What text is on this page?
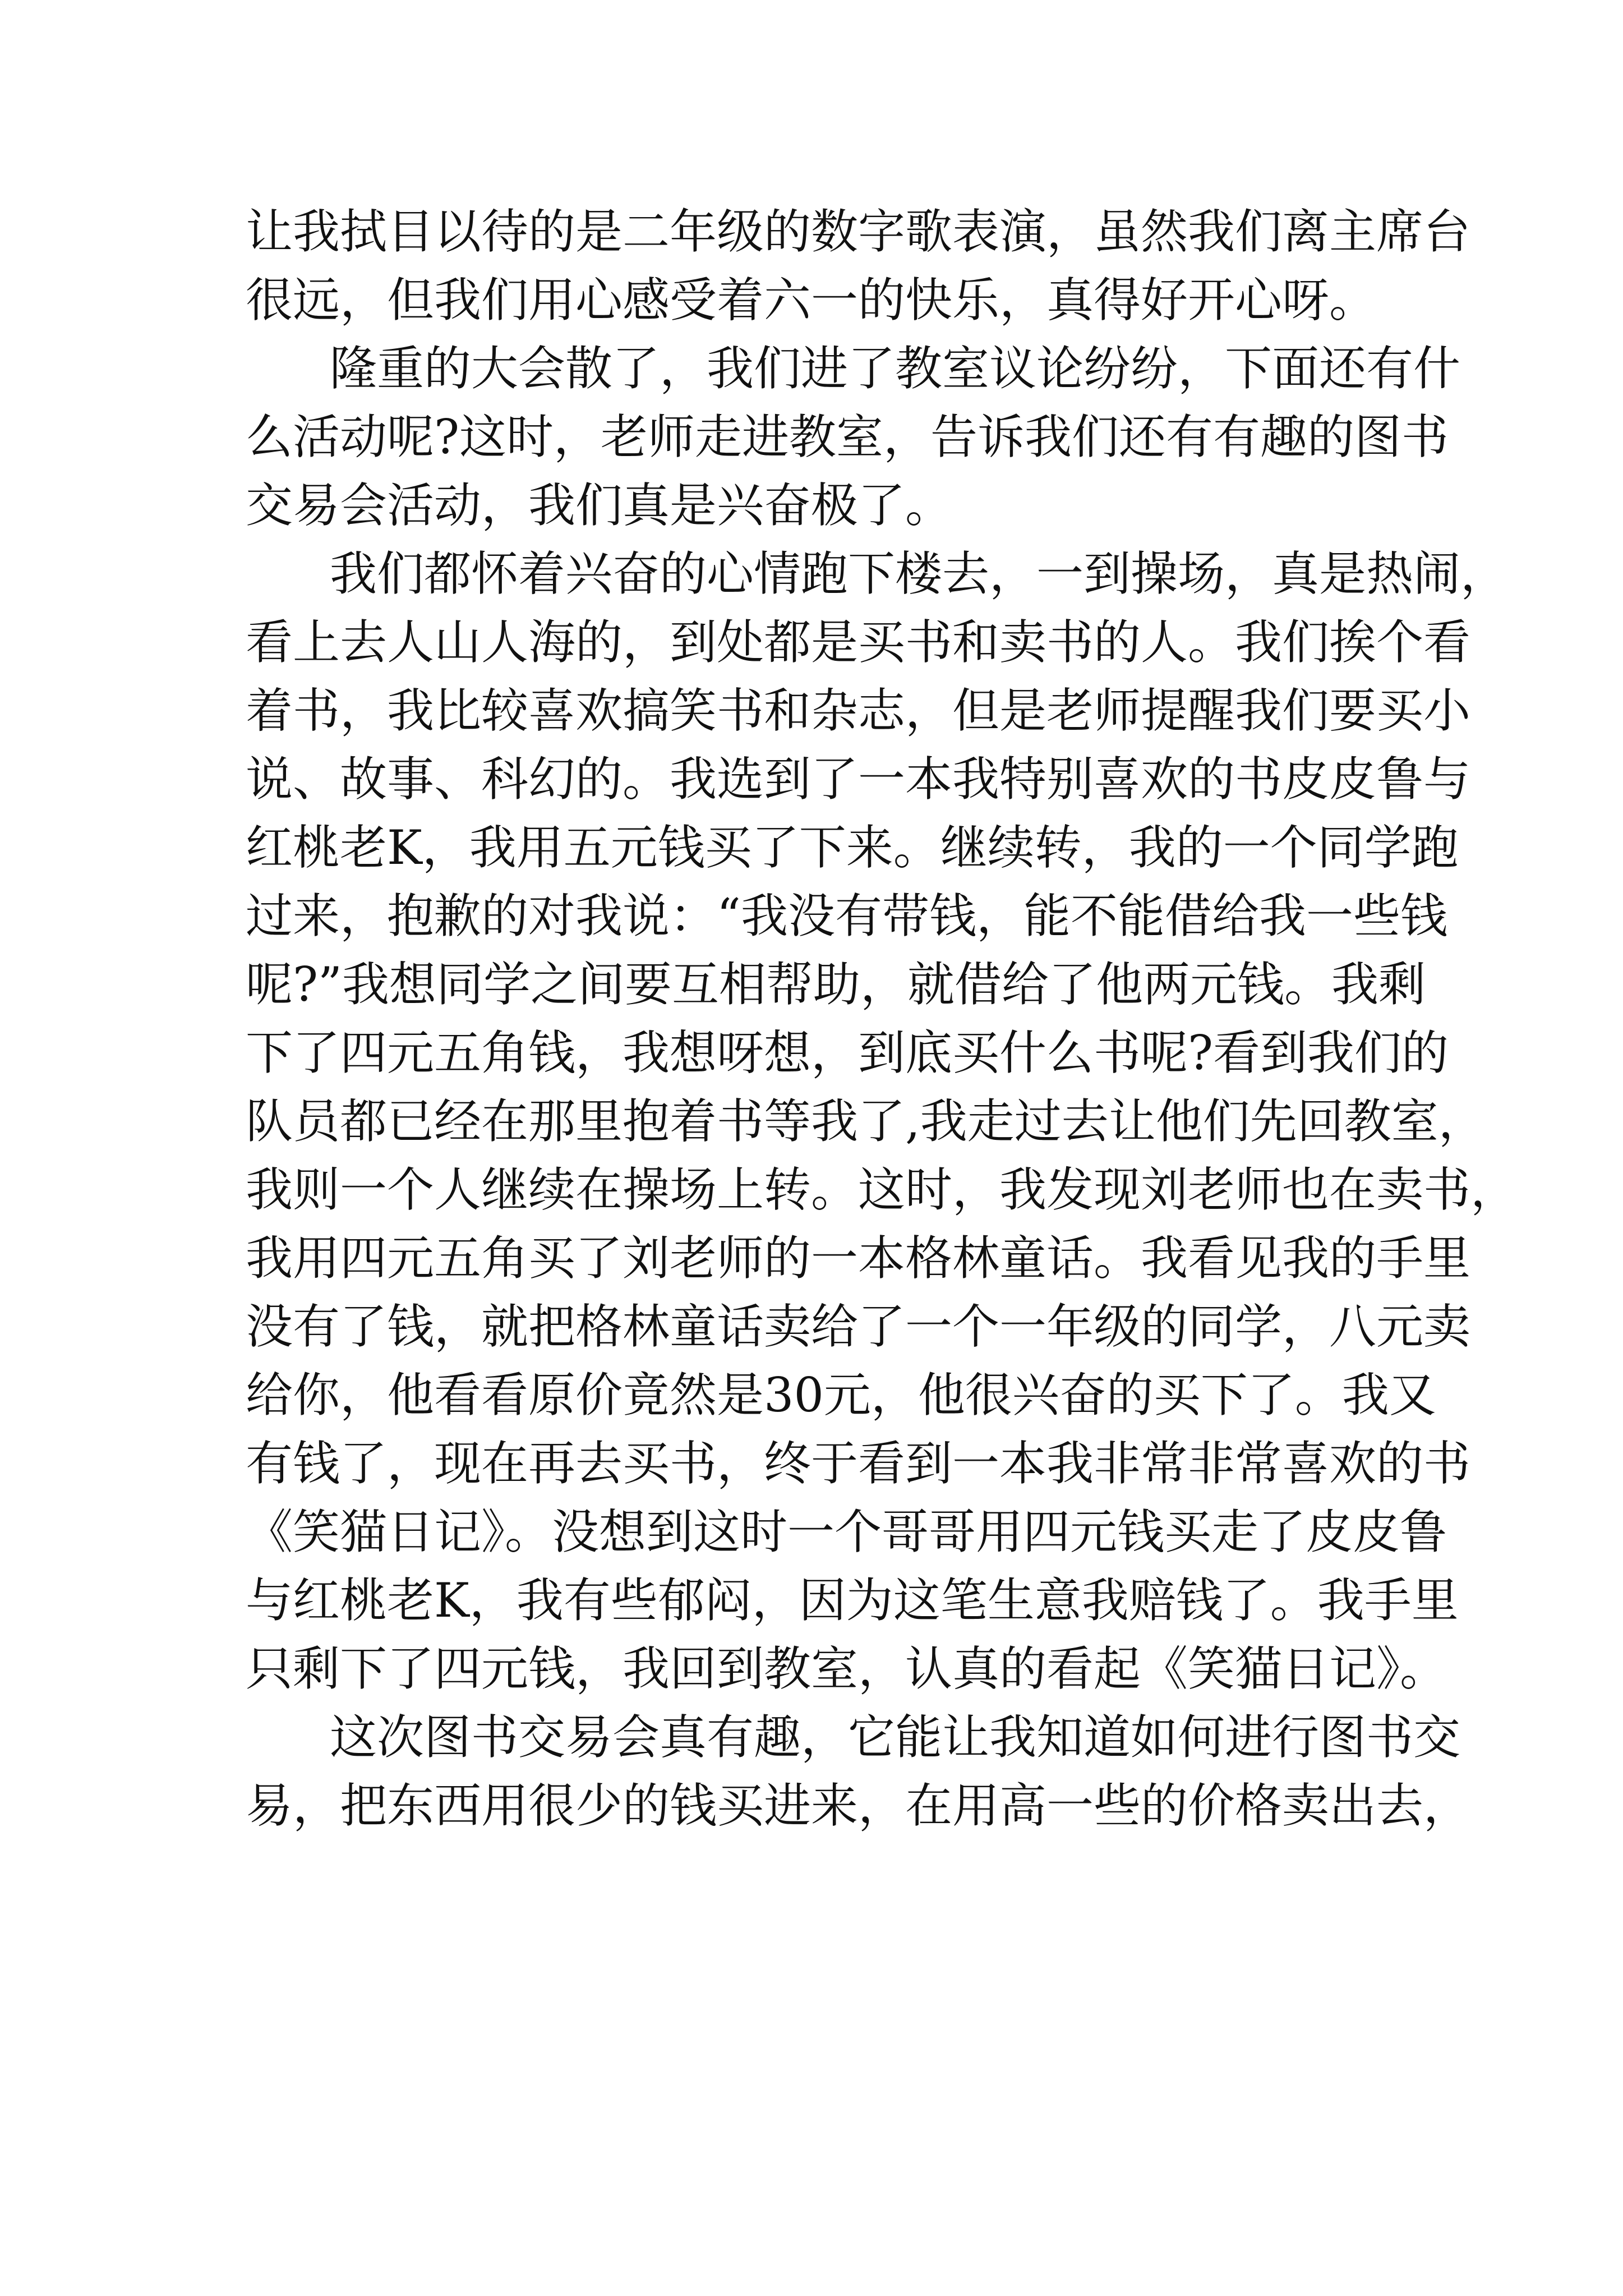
让我拭目以待的是二年级的数字歌表演，虽然我们离主席台
很远，但我们用心感受着六一的快乐，真得好开心呀。
隆重的大会散了，我们进了教室议论纷纷，下面还有什
么活动呢?这时，老师走进教室，告诉我们还有有趣的图书
交易会活动，我们真是兴奋极了。
我们都怀着兴奋的心情跑下楼去，一到操场，真是热闹，
看上去人山人海的，到处都是买书和卖书的人。我们挨个看
着书，我比较喜欢搞笑书和杂志，但是老师提醒我们要买小
说、故事、科幻的。我选到了一本我特别喜欢的书皮皮鲁与
红桃老K，我用五元钱买了下来。继续转，我的一个同学跑
过来，抱歉的对我说：“我没有带钱，能不能借给我一些钱
呢?”我想同学之间要互相帮助，就借给了他两元钱。我剩
下了四元五角钱，我想呀想，到底买什么书呢?看到我们的
队员都已经在那里抱着书等我了,我走过去让他们先回教室，
我则一个人继续在操场上转。这时，我发现刘老师也在卖书，
我用四元五角买了刘老师的一本格林童话。我看见我的手里
没有了钱，就把格林童话卖给了一个一年级的同学，八元卖
给你，他看看原价竟然是30元，他很兴奋的买下了。我又
有钱了，现在再去买书，终于看到一本我非常非常喜欢的书
《笑猫日记》。没想到这时一个哥哥用四元钱买走了皮皮鲁
与红桃老K，我有些郁闷，因为这笔生意我赔钱了。我手里
只剩下了四元钱，我回到教室，认真的看起《笑猫日记》。
这次图书交易会真有趣，它能让我知道如何进行图书交
易，把东西用很少的钱买进来，在用高一些的价格卖出去，
